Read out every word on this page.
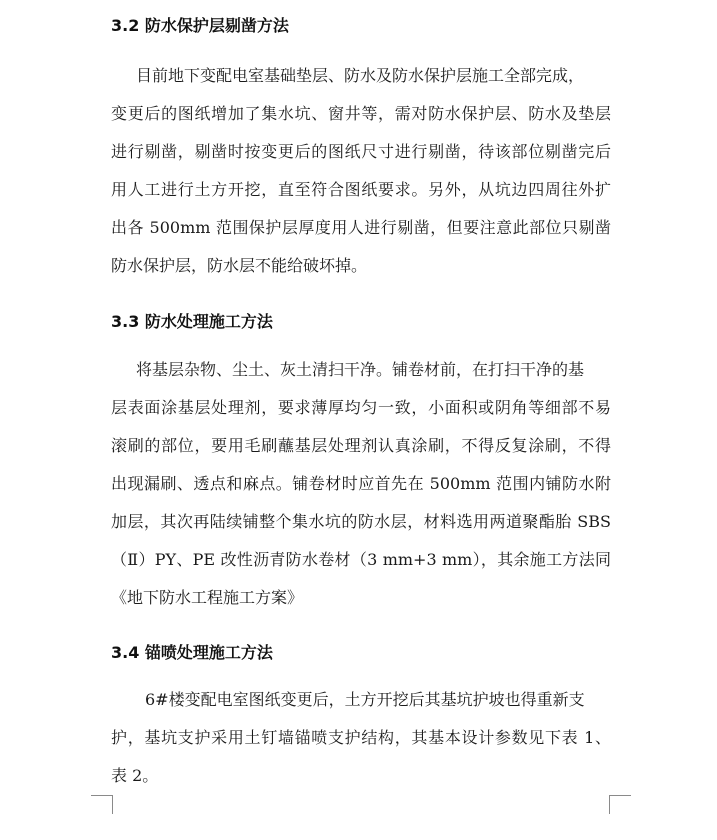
3.2 防水保护层剔凿方法
目前地下变配电室基础垫层、防水及防水保护层施工全部完成，
变更后的图纸增加了集水坑、窗井等，需对防水保护层、防水及垫层
进行剔凿，剔凿时按变更后的图纸尺寸进行剔凿，待该部位剔凿完后
用人工进行土方开挖，直至符合图纸要求。另外，从坑边四周往外扩
出各 500mm 范围保护层厚度用人进行剔凿，但要注意此部位只剔凿
防水保护层，防水层不能给破坏掉。
3.3 防水处理施工方法
将基层杂物、尘土、灰土清扫干净。铺卷材前，在打扫干净的基
层表面涂基层处理剂，要求薄厚均匀一致，小面积或阴角等细部不易
滚刷的部位，要用毛刷蘸基层处理剂认真涂刷，不得反复涂刷，不得
出现漏刷、透点和麻点。铺卷材时应首先在 500mm 范围内铺防水附
加层，其次再陆续铺整个集水坑的防水层，材料选用两道聚酯胎 SBS
（Ⅱ）PY、PE 改性沥青防水卷材（3 mm+3 mm），其余施工方法同
《地下防水工程施工方案》
3.4 锚喷处理施工方法
6#楼变配电室图纸变更后，土方开挖后其基坑护坡也得重新支
护，基坑支护采用土钉墙锚喷支护结构，其基本设计参数见下表 1、
表 2。
